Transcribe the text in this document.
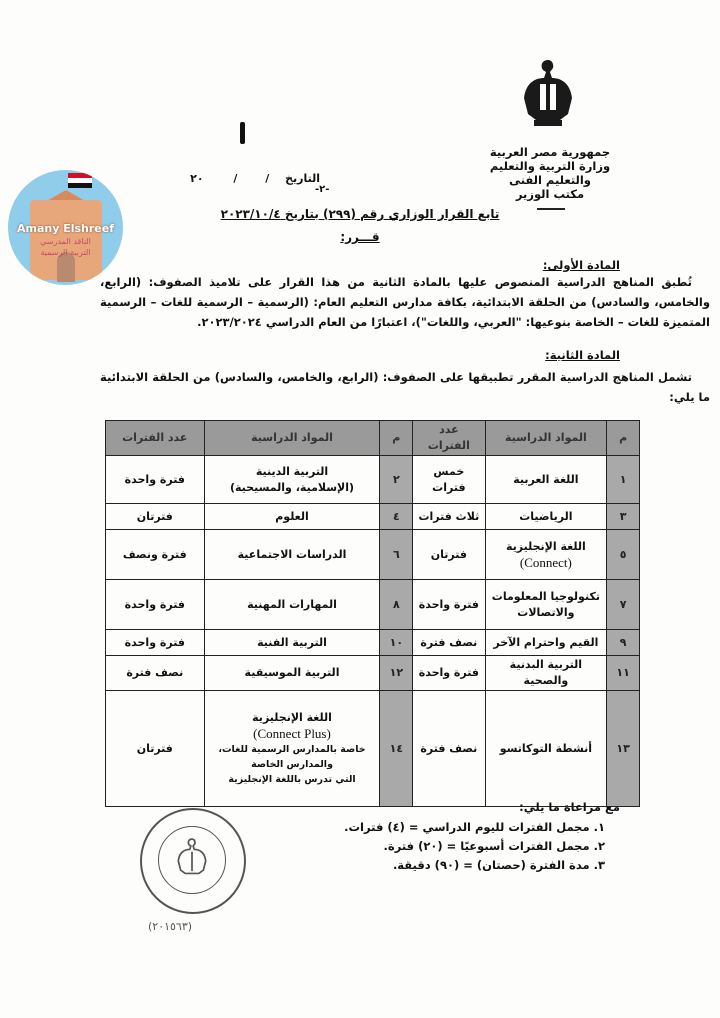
جمهورية مصر العربية
وزارة التربية والتعليم والتعليم الفنى
مكتب الوزير
التاريخ / / ٢٠
-٢-
Amany Elshreef
الناقد المدرسي
التربية الرسمية
تابع القرار الوزاري رقم (٢٩٩) بتاريخ ٢٠٢٣/١٠/٤
قـــرر:
المادة الأولى:
تُطبق المناهج الدراسية المنصوص عليها بالمادة الثانية من هذا القرار على تلاميذ الصفوف: (الرابع، والخامس، والسادس) من الحلقة الابتدائية، بكافة مدارس التعليم العام: (الرسمية – الرسمية للغات – الرسمية المتميزة للغات – الخاصة بنوعيها: "العربي، واللغات")، اعتبارًا من العام الدراسي ٢٠٢٣/٢٠٢٤.
المادة الثانية:
تشمل المناهج الدراسية المقرر تطبيقها على الصفوف: (الرابع، والخامس، والسادس) من الحلقة الابتدائية ما يلي:
م	المواد الدراسية	عدد الفترات	م	المواد الدراسية	عدد الفترات
١	اللغة العربية	خمس فترات	٢	التربية الدينية
(الإسلامية، والمسيحية)	فترة واحدة
٣	الرياضيات	ثلاث فترات	٤	العلوم	فترتان
٥	اللغة الإنجليزية
(Connect)	فترتان	٦	الدراسات الاجتماعية	فترة ونصف
٧	تكنولوجيا المعلومات
والاتصالات	فترة واحدة	٨	المهارات المهنية	فترة واحدة
٩	القيم واحترام الآخر	نصف فترة	١٠	التربية الفنية	فترة واحدة
١١	التربية البدنية والصحية	فترة واحدة	١٢	التربية الموسيقية	نصف فترة
١٣	أنشطة التوكاتسو	نصف فترة	١٤	اللغة الإنجليزية
(Connect Plus)
خاصة بالمدارس الرسمية للغات،
والمدارس الخاصة
التي تدرس باللغة الإنجليزية	فترتان
مع مراعاة ما يلي:
١. مجمل الفترات لليوم الدراسي = (٤) فترات.
٢. مجمل الفترات أسبوعيًا = (٢٠) فترة.
٣. مدة الفترة (حصتان) = (٩٠) دقيقة.
(٢٠١٥٦٣)
